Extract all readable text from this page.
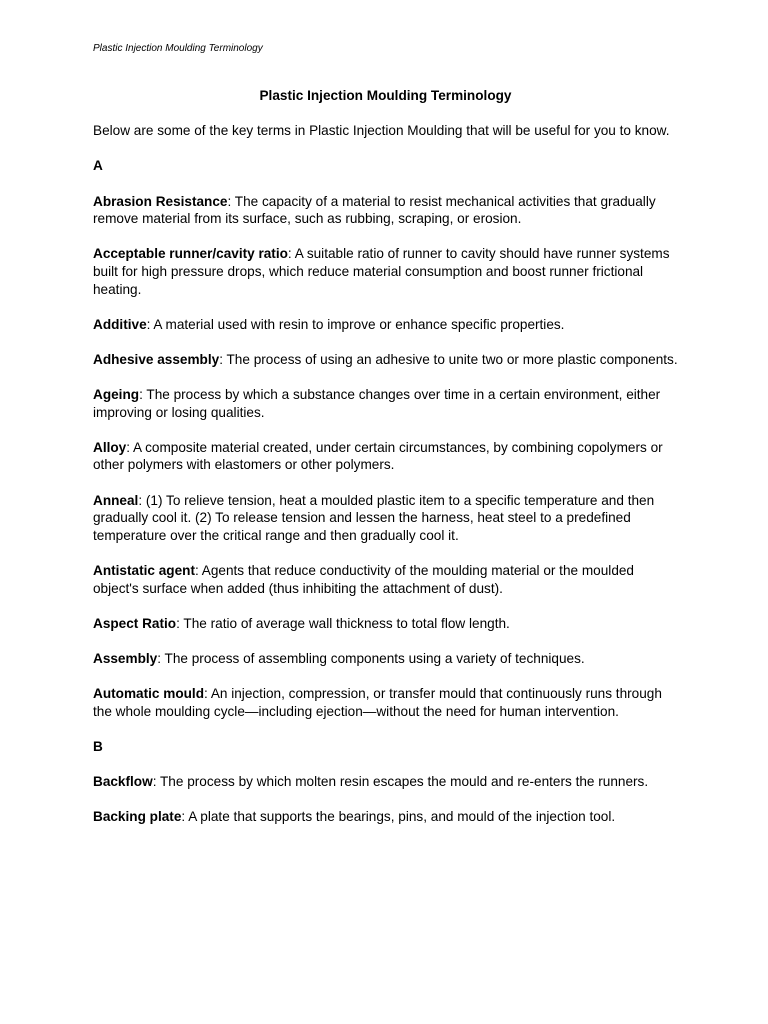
Plastic Injection Moulding Terminology
Plastic Injection Moulding Terminology
Below are some of the key terms in Plastic Injection Moulding that will be useful for you to know.
A
Abrasion Resistance: The capacity of a material to resist mechanical activities that gradually remove material from its surface, such as rubbing, scraping, or erosion.
Acceptable runner/cavity ratio: A suitable ratio of runner to cavity should have runner systems built for high pressure drops, which reduce material consumption and boost runner frictional heating.
Additive: A material used with resin to improve or enhance specific properties.
Adhesive assembly: The process of using an adhesive to unite two or more plastic components.
Ageing: The process by which a substance changes over time in a certain environment, either improving or losing qualities.
Alloy: A composite material created, under certain circumstances, by combining copolymers or other polymers with elastomers or other polymers.
Anneal: (1) To relieve tension, heat a moulded plastic item to a specific temperature and then gradually cool it. (2) To release tension and lessen the harness, heat steel to a predefined temperature over the critical range and then gradually cool it.
Antistatic agent: Agents that reduce conductivity of the moulding material or the moulded object's surface when added (thus inhibiting the attachment of dust).
Aspect Ratio: The ratio of average wall thickness to total flow length.
Assembly: The process of assembling components using a variety of techniques.
Automatic mould: An injection, compression, or transfer mould that continuously runs through the whole moulding cycle—including ejection—without the need for human intervention.
B
Backflow: The process by which molten resin escapes the mould and re-enters the runners.
Backing plate: A plate that supports the bearings, pins, and mould of the injection tool.
